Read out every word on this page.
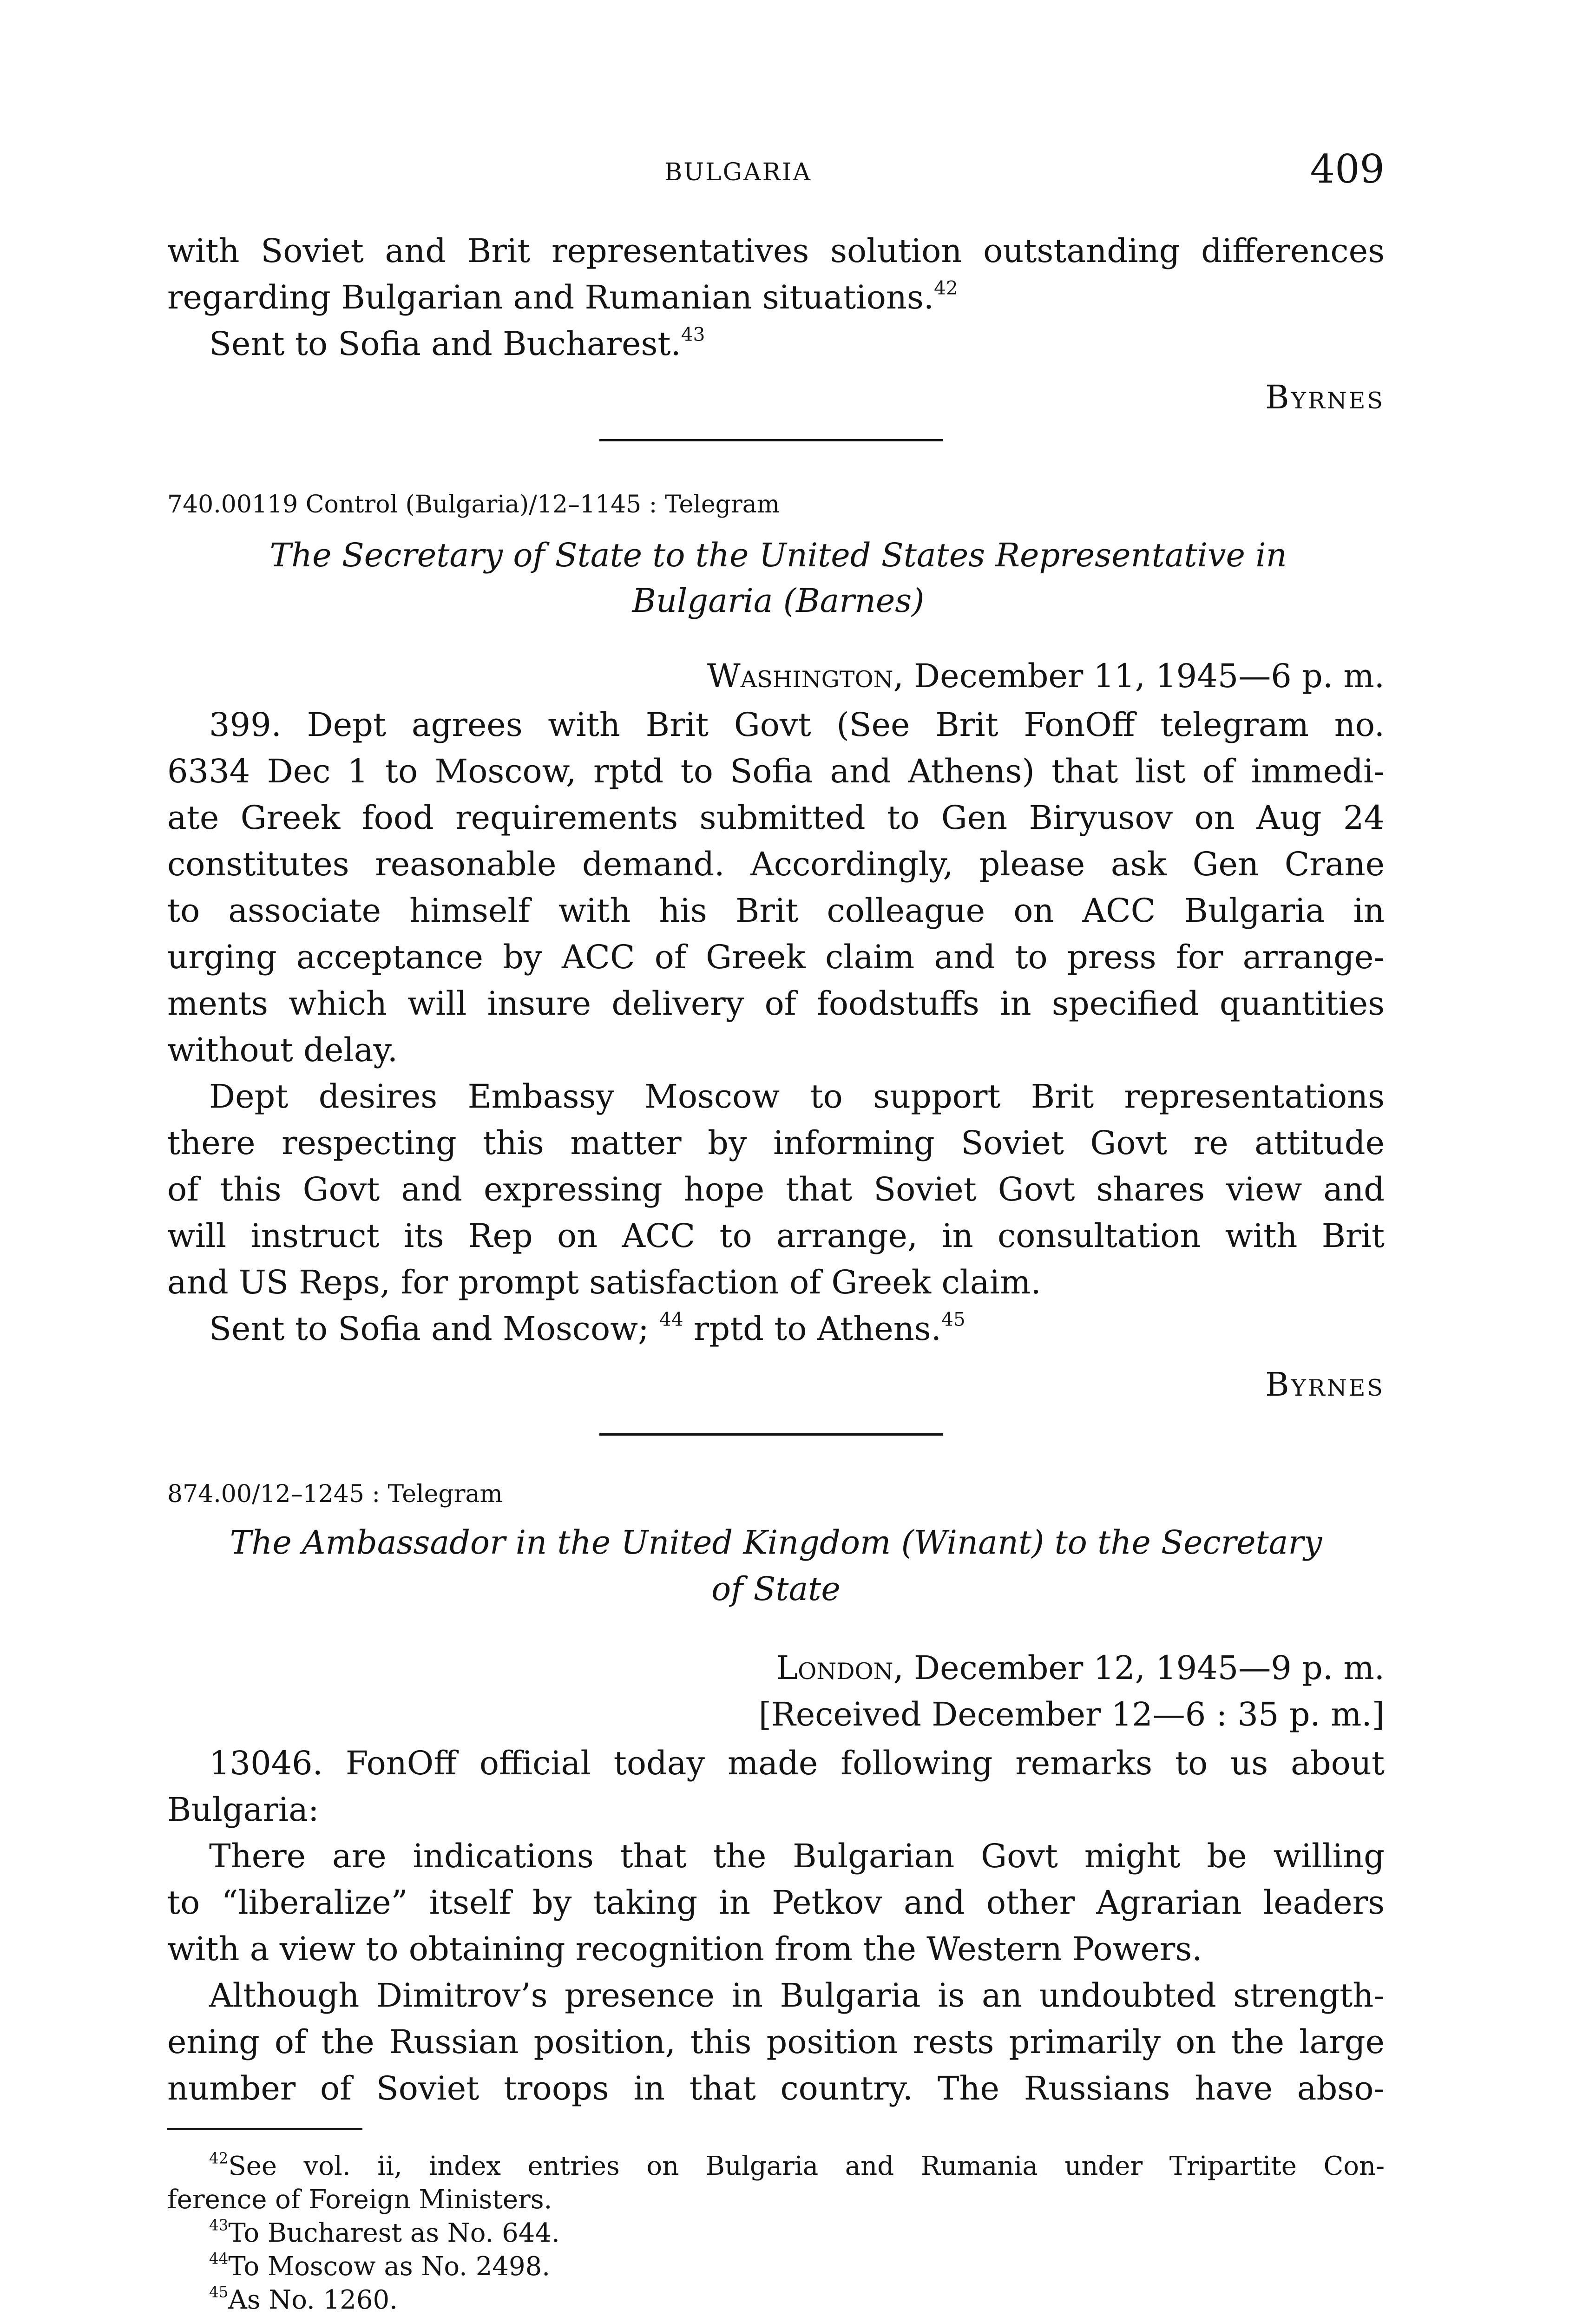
BULGARIA	409
with Soviet and Brit representatives solution outstanding differences
regarding Bulgarian and Rumanian situations.$^{42}$
Sent to Sofia and Bucharest.$^{43}$
Byrnes
740.00119 Control (Bulgaria)/12–1145 : Telegram
The Secretary of State to the United States Representative in
Bulgaria (Barnes)
Washington, December 11, 1945—6 p. m.
399. Dept agrees with Brit Govt (See Brit FonOff telegram no.
6334 Dec 1 to Moscow, rptd to Sofia and Athens) that list of immedi-
ate Greek food requirements submitted to Gen Biryusov on Aug 24
constitutes reasonable demand. Accordingly, please ask Gen Crane
to associate himself with his Brit colleague on ACC Bulgaria in
urging acceptance by ACC of Greek claim and to press for arrange-
ments which will insure delivery of foodstuffs in specified quantities
without delay.
Dept desires Embassy Moscow to support Brit representations
there respecting this matter by informing Soviet Govt re attitude
of this Govt and expressing hope that Soviet Govt shares view and
will instruct its Rep on ACC to arrange, in consultation with Brit
and US Reps, for prompt satisfaction of Greek claim.
Sent to Sofia and Moscow; $^{44}$ rptd to Athens.$^{45}$
Byrnes
874.00/12–1245 : Telegram
The Ambassador in the United Kingdom (Winant) to the Secretary
of State
London, December 12, 1945—9 p. m.
[Received December 12—6 : 35 p. m.]
13046. FonOff official today made following remarks to us about
Bulgaria:
There are indications that the Bulgarian Govt might be willing
to “liberalize” itself by taking in Petkov and other Agrarian leaders
with a view to obtaining recognition from the Western Powers.
Although Dimitrov’s presence in Bulgaria is an undoubted strength-
ening of the Russian position, this position rests primarily on the large
number of Soviet troops in that country. The Russians have abso-
$^{42}$See vol. ii, index entries on Bulgaria and Rumania under Tripartite Con-
ference of Foreign Ministers.
$^{43}$To Bucharest as No. 644.
$^{44}$To Moscow as No. 2498.
$^{45}$As No. 1260.
